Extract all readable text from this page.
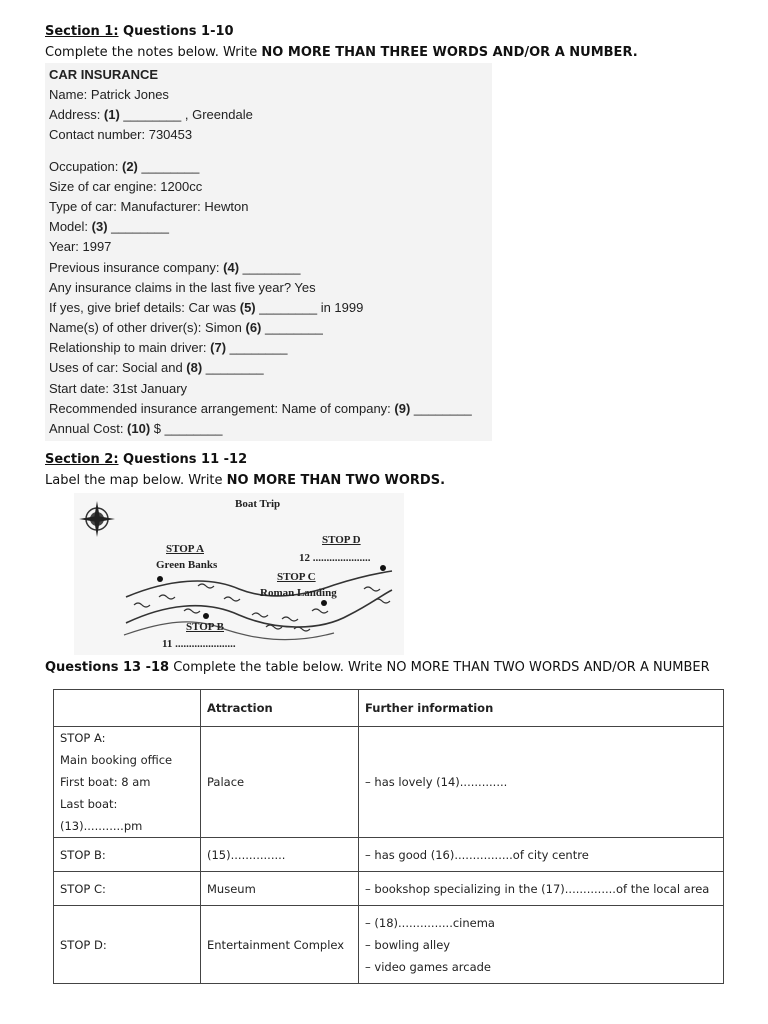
Section 1: Questions 1-10
Complete the notes below. Write NO MORE THAN THREE WORDS AND/OR A NUMBER.
CAR INSURANCE
Name: Patrick Jones
Address: (1) ________ , Greendale
Contact number: 730453
Occupation: (2) ________
Size of car engine: 1200cc
Type of car: Manufacturer: Hewton
Model: (3) ________
Year: 1997
Previous insurance company: (4) ________
Any insurance claims in the last five year? Yes
If yes, give brief details: Car was (5) ________ in 1999
Name(s) of other driver(s): Simon (6) ________
Relationship to main driver: (7) ________
Uses of car: Social and (8) ________
Start date: 31st January
Recommended insurance arrangement: Name of company: (9) ________
Annual Cost: (10) $ ________
Section 2: Questions 11 -12
Label the map below. Write NO MORE THAN TWO WORDS.
Boat Trip
STOP A
Green Banks
STOP D
12 .....................
STOP C
Roman Landing
STOP B
11 ......................
Questions 13 -18 Complete the table below. Write NO MORE THAN TWO WORDS AND/OR A NUMBER
	Attraction	Further information

STOP A:
Main booking office
First boat: 8 am
Last boat: (13)...........pm	Palace	– has lovely (14).............
STOP B:	(15)...............	– has good (16)................of city centre
STOP C:	Museum	– bookshop specializing in the (17)..............of the local area
STOP D:	Entertainment Complex	– (18)...............cinema
– bowling alley
– video games arcade
